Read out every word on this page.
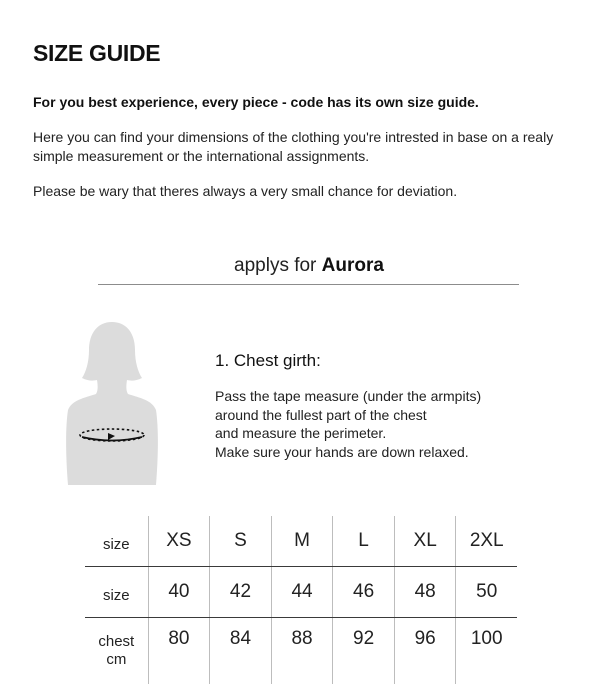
SIZE GUIDE
For you best experience, every piece - code has its own size guide.
Here you can find your dimensions of the clothing you're intrested in base on a realy simple measurement or the international assignments.
Please be wary that theres always a very small chance for deviation.
applys for Aurora
1. Chest girth:
Pass the tape measure (under the armpits)
around the fullest part of the chest
and measure the perimeter.
Make sure your hands are down relaxed.
size	XS	S	M	L	XL	2XL
size	40	42	44	46	48	50

chest
cm	80	84	88	92	96	100
